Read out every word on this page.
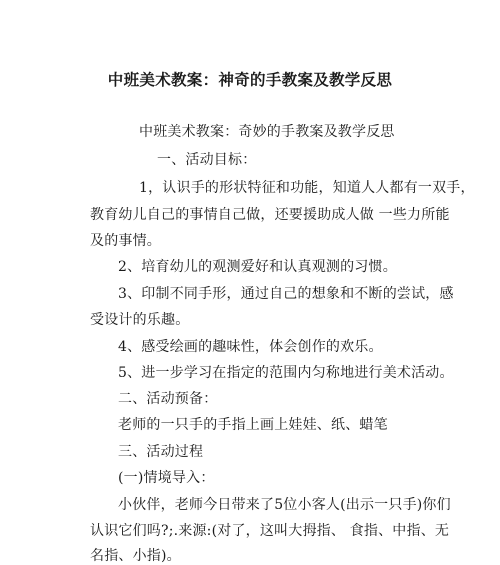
中班美术教案：神奇的手教案及教学反思
中班美术教案：奇妙的手教案及教学反思
一、活动目标：
1，认识手的形状特征和功能，知道人人都有一双手，
教育幼儿自己的事情自己做，还要援助成人做 一些力所能
及的事情。
2、培育幼儿的观测爱好和认真观测的习惯。
3、印制不同手形，通过自己的想象和不断的尝试，感
受设计的乐趣。
4、感受绘画的趣味性，体会创作的欢乐。
5、进一步学习在指定的范围内匀称地进行美术活动。
二、活动预备：
老师的一只手的手指上画上娃娃、纸、蜡笔
三、活动过程
(一)情境导入：
小伙伴，老师今日带来了5位小客人(出示一只手)你们
认识它们吗?;.来源:(对了，这叫大拇指、 食指、中指、无
名指、小指)。
